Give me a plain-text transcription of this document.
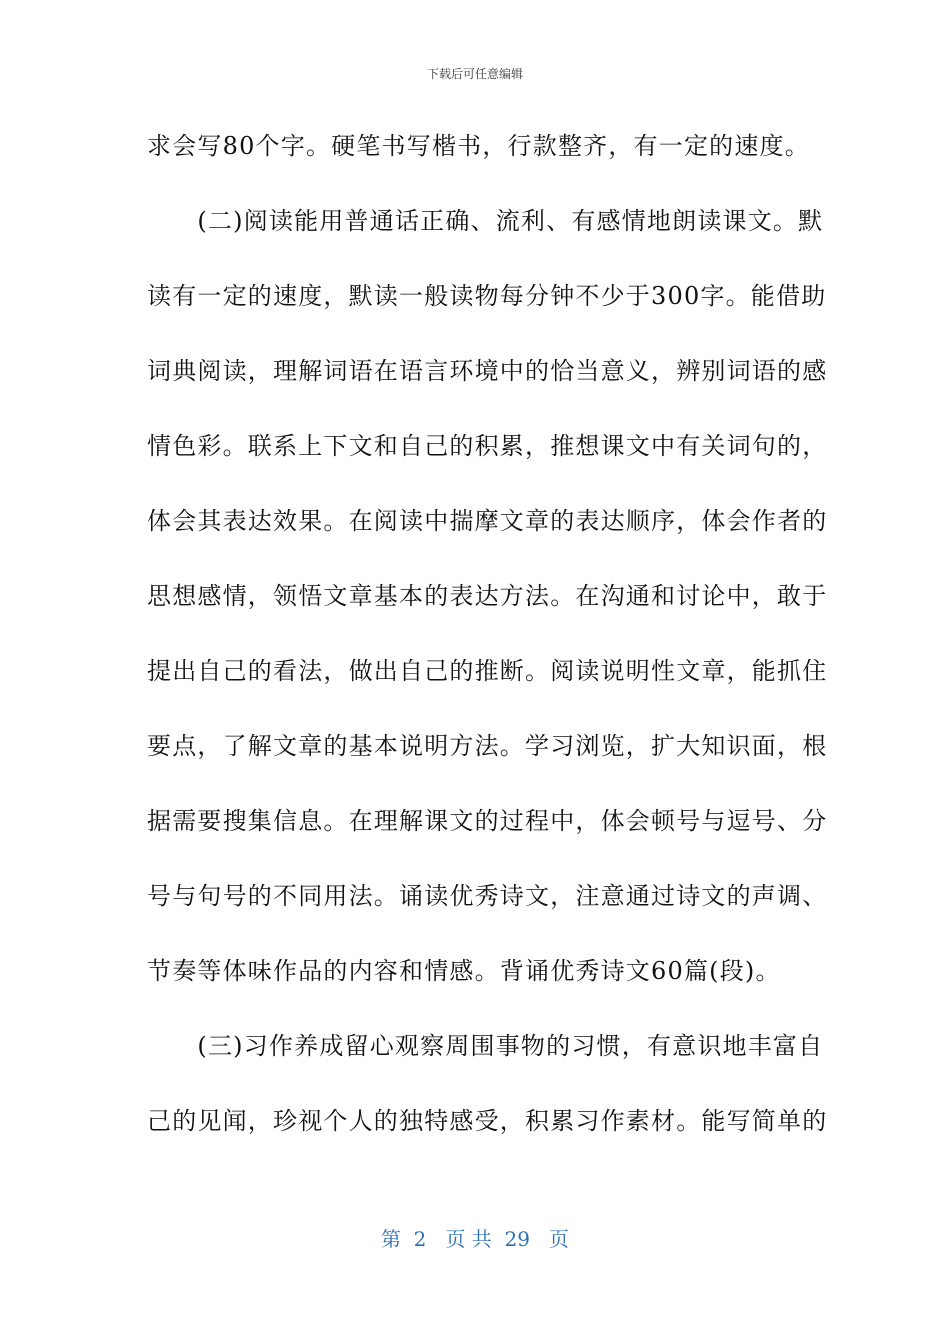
下载后可任意编辑
求会写80个字。硬笔书写楷书，行款整齐，有一定的速度。
　　(二)阅读能用普通话正确、流利、有感情地朗读课文。默
读有一定的速度，默读一般读物每分钟不少于300字。能借助
词典阅读，理解词语在语言环境中的恰当意义，辨别词语的感
情色彩。联系上下文和自己的积累，推想课文中有关词句的，
体会其表达效果。在阅读中揣摩文章的表达顺序，体会作者的
思想感情，领悟文章基本的表达方法。在沟通和讨论中，敢于
提出自己的看法，做出自己的推断。阅读说明性文章，能抓住
要点，了解文章的基本说明方法。学习浏览，扩大知识面，根
据需要搜集信息。在理解课文的过程中，体会顿号与逗号、分
号与句号的不同用法。诵读优秀诗文，注意通过诗文的声调、
节奏等体味作品的内容和情感。背诵优秀诗文60篇(段)。
　　(三)习作养成留心观察周围事物的习惯，有意识地丰富自
己的见闻，珍视个人的独特感受，积累习作素材。能写简单的
第  2   页 共  29   页
